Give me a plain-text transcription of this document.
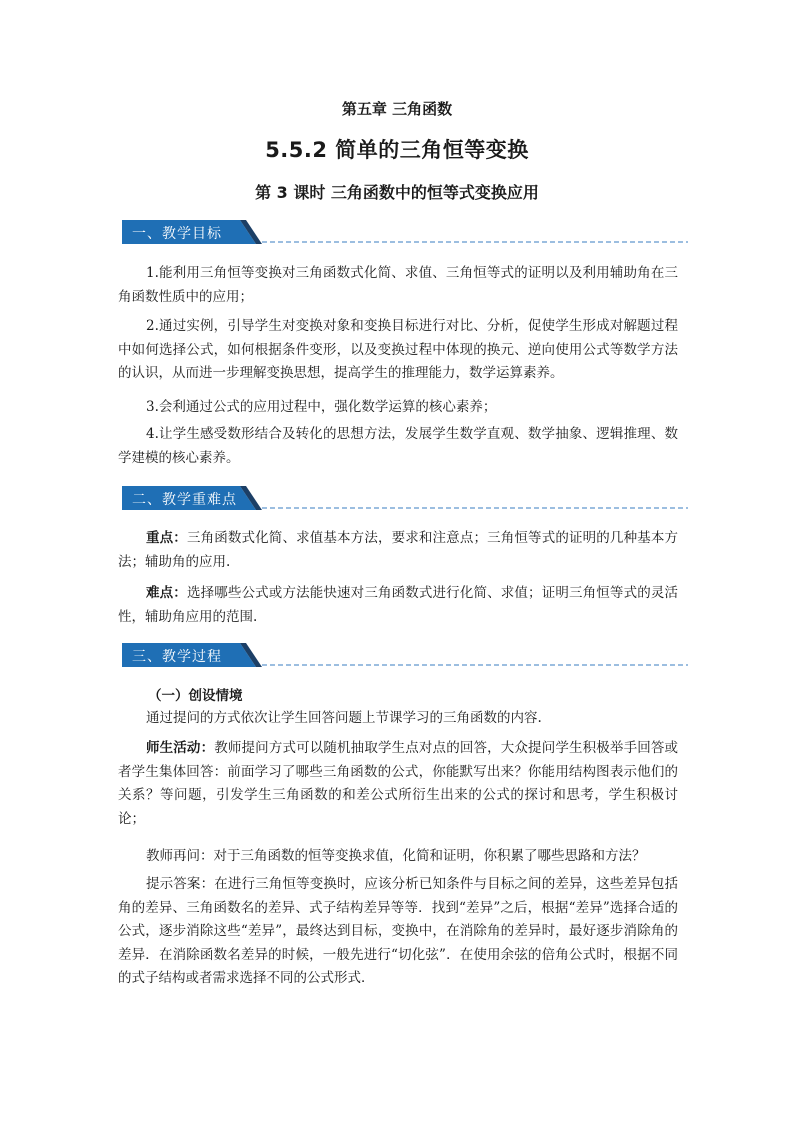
第五章 三角函数
5.5.2 简单的三角恒等变换
第 3 课时 三角函数中的恒等式变换应用
一、教学目标

1.能利用三角恒等变换对三角函数式化简、求值、三角恒等式的证明以及利用辅助角在三角函数性质中的应用；

2.通过实例，引导学生对变换对象和变换目标进行对比、分析，促使学生形成对解题过程中如何选择公式，如何根据条件变形，以及变换过程中体现的换元、逆向使用公式等数学方法的认识，从而进一步理解变换思想，提高学生的推理能力，数学运算素养。

3.会利通过公式的应用过程中，强化数学运算的核心素养；

4.让学生感受数形结合及转化的思想方法，发展学生数学直观、数学抽象、逻辑推理、数学建模的核心素养。

二、教学重难点

重点：三角函数式化简、求值基本方法，要求和注意点；三角恒等式的证明的几种基本方法；辅助角的应用.

难点：选择哪些公式或方法能快速对三角函数式进行化简、求值；证明三角恒等式的灵活性，辅助角应用的范围.

三、教学过程
（一）创设情境

通过提问的方式依次让学生回答问题上节课学习的三角函数的内容.

师生活动：教师提问方式可以随机抽取学生点对点的回答，大众提问学生积极举手回答或者学生集体回答：前面学习了哪些三角函数的公式，你能默写出来？你能用结构图表示他们的关系？等问题，引发学生三角函数的和差公式所衍生出来的公式的探讨和思考，学生积极讨论；

教师再问：对于三角函数的恒等变换求值，化简和证明，你积累了哪些思路和方法？

提示答案：在进行三角恒等变换时，应该分析已知条件与目标之间的差异，这些差异包括角的差异、三角函数名的差异、式子结构差异等等．找到“差异”之后，根据“差异”选择合适的公式，逐步消除这些“差异”，最终达到目标，变换中，在消除角的差异时，最好逐步消除角的差异．在消除函数名差异的时候，一般先进行“切化弦”．在使用余弦的倍角公式时，根据不同的式子结构或者需求选择不同的公式形式．
